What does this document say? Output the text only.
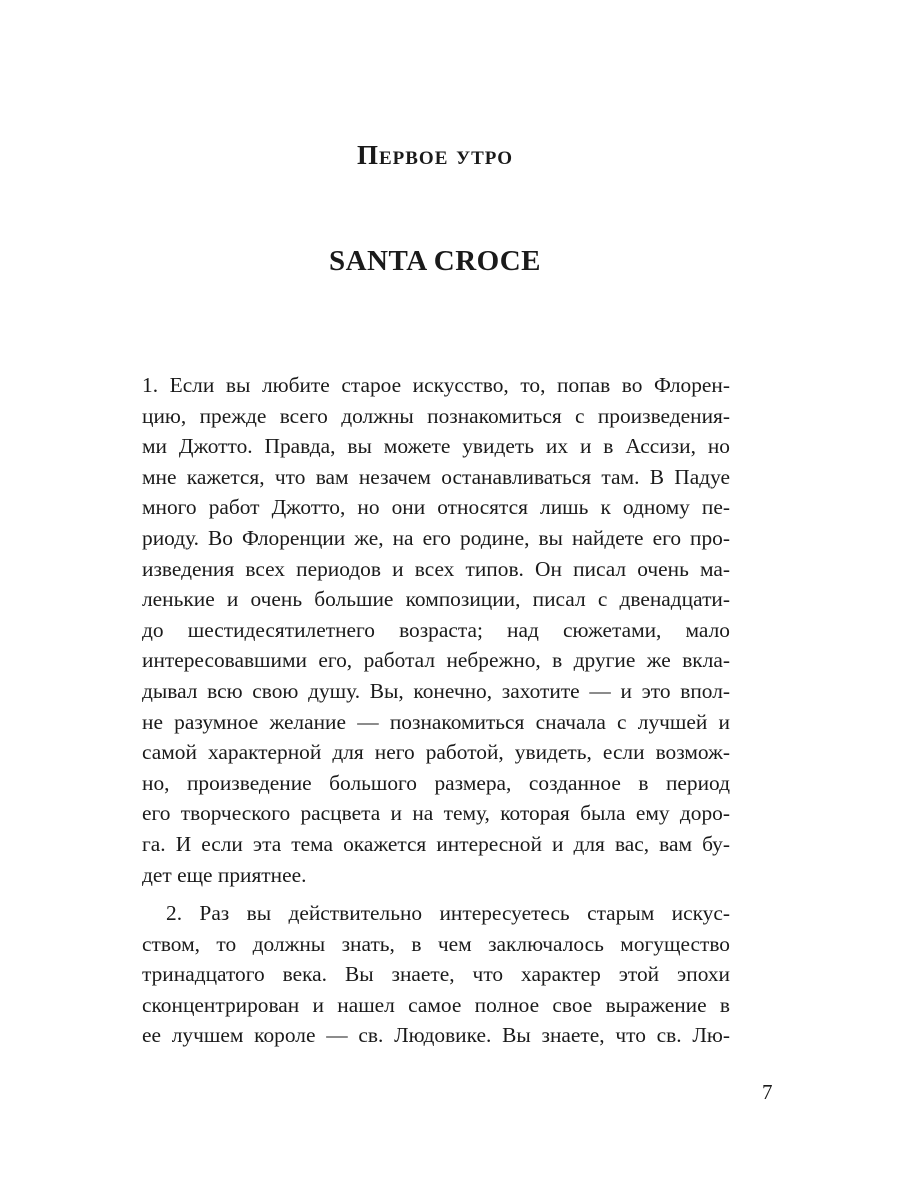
Первое утро
SANTA CROCE
1. Если вы любите старое искусство, то, попав во Флорен-
цию, прежде всего должны познакомиться с произведения-
ми Джотто. Правда, вы можете увидеть их и в Ассизи, но
мне кажется, что вам незачем останавливаться там. В Падуе
много работ Джотто, но они относятся лишь к одному пе-
риоду. Во Флоренции же, на его родине, вы найдете его про-
изведения всех периодов и всех типов. Он писал очень ма-
ленькие и очень большие композиции, писал с двенадцати-
до шестидесятилетнего возраста; над сюжетами, мало
интересовавшими его, работал небрежно, в другие же вкла-
дывал всю свою душу. Вы, конечно, захотите — и это впол-
не разумное желание — познакомиться сначала с лучшей и
самой характерной для него работой, увидеть, если возмож-
но, произведение большого размера, созданное в период
его творческого расцвета и на тему, которая была ему доро-
га. И если эта тема окажется интересной и для вас, вам бу-
дет еще приятнее.
2. Раз вы действительно интересуетесь старым искус-
ством, то должны знать, в чем заключалось могущество
тринадцатого века. Вы знаете, что характер этой эпохи
сконцентрирован и нашел самое полное свое выражение в
ее лучшем короле — св. Людовике. Вы знаете, что св. Лю-
7
